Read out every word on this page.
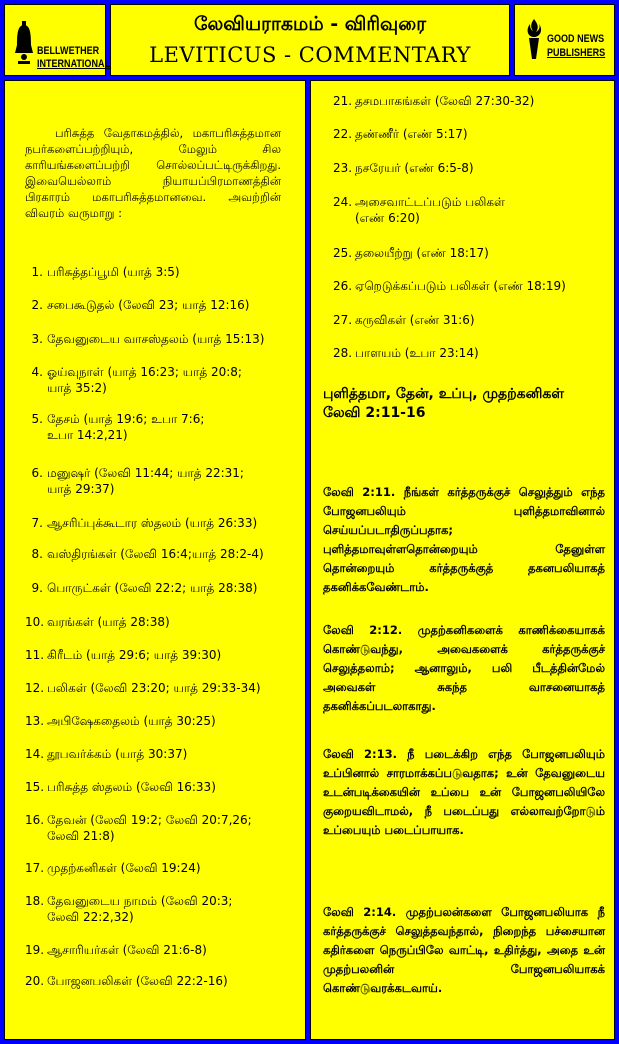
BELLWETHER
INTERNATIONAL
லேவியராகமம் - விரிவுரை
LEVITICUS - COMMENTARY
GOOD NEWS
PUBLISHERS
பரிசுத்த வேதாகமத்தில், மகாபரிசுத்தமான நபர்களைப்பற்றியும், மேலும் சில காரியங்களைப்பற்றி சொல்லப்பட்டிருக்கிறது. இவையெல்லாம் நியாயப்பிரமாணத்தின் பிரகாரம் மகாபரிசுத்தமானவை. அவற்றின் விவரம் வருமாறு :
1. பரிசுத்தப்பூமி (யாத் 3:5)
2. சபைகூடுதல் (லேவி 23; யாத் 12:16)
3. தேவனுடைய வாசஸ்தலம் (யாத் 15:13)
4. ஓய்வுநாள் (யாத் 16:23; யாத் 20:8;
யாத் 35:2)
5. தேசம் (யாத் 19:6; உபா 7:6;
உபா 14:2,21)
6. மனுஷர் (லேவி 11:44; யாத் 22:31;
யாத் 29:37)
7. ஆசரிப்புக்கூடார ஸ்தலம் (யாத் 26:33)
8. வஸ்திரங்கள் (லேவி 16:4;யாத் 28:2-4)
9. பொருட்கள் (லேவி 22:2; யாத் 28:38)
10. வரங்கள் (யாத் 28:38)
11. கிரீடம் (யாத் 29:6; யாத் 39:30)
12. பலிகள் (லேவி 23:20; யாத் 29:33-34)
13. அபிஷேகதைலம் (யாத் 30:25)
14. தூபவர்க்கம் (யாத் 30:37)
15. பரிசுத்த ஸ்தலம் (லேவி 16:33)
16. தேவன் (லேவி 19:2; லேவி 20:7,26;
லேவி 21:8)
17. முதற்கனிகள் (லேவி 19:24)
18. தேவனுடைய நாமம் (லேவி 20:3;
லேவி 22:2,32)
19. ஆசாரியர்கள் (லேவி 21:6-8)
20. போஜனபலிகள் (லேவி 22:2-16)
21. தசமபாகங்கள் (லேவி 27:30-32)
22. தண்ணீர் (எண் 5:17)
23. நசரேயர் (எண் 6:5-8)
24. அசைவாட்டப்படும் பலிகள்
(எண் 6:20)
25. தலையீற்று (எண் 18:17)
26. ஏறெடுக்கப்படும் பலிகள் (எண் 18:19)
27. கருவிகள் (எண் 31:6)
28. பாளயம் (உபா 23:14)
புளித்தமா, தேன், உப்பு, முதற்கனிகள்
லேவி 2:11-16
லேவி 2:11. நீங்கள் கர்த்தருக்குச் செலுத்தும் எந்த போஜனபலியும் புளித்தமாவினால் செய்யப்படாதிருப்பதாக; புளித்தமாவுள்ளதொன்றையும் தேனுள்ள தொன்றையும் கர்த்தருக்குத் தகனபலியாகத் தகனிக்கவேண்டாம்.
லேவி 2:12. முதற்கனிகளைக் காணிக்கையாகக் கொண்டுவந்து, அவைகளைக் கர்த்தருக்குச் செலுத்தலாம்; ஆனாலும், பலி பீடத்தின்மேல் அவைகள் சுகந்த வாசனையாகத் தகனிக்கப்படலாகாது.
லேவி 2:13. நீ படைக்கிற எந்த போஜனபலியும் உப்பினால் சாரமாக்கப்படுவதாக; உன் தேவனுடைய உடன்படிக்கையின் உப்பை உன் போஜனபலியிலே குறையவிடாமல், நீ படைப்பது எல்லாவற்றோடும் உப்பையும் படைப்பாயாக.
லேவி 2:14. முதற்பலன்களை போஜனபலியாக நீ கர்த்தருக்குச் செலுத்தவந்தால், நிறைந்த பச்சையான கதிர்களை நெருப்பிலே வாட்டி, உதிர்த்து, அதை உன் முதற்பலனின் போஜனபலியாகக் கொண்டுவரக்கடவாய்.
